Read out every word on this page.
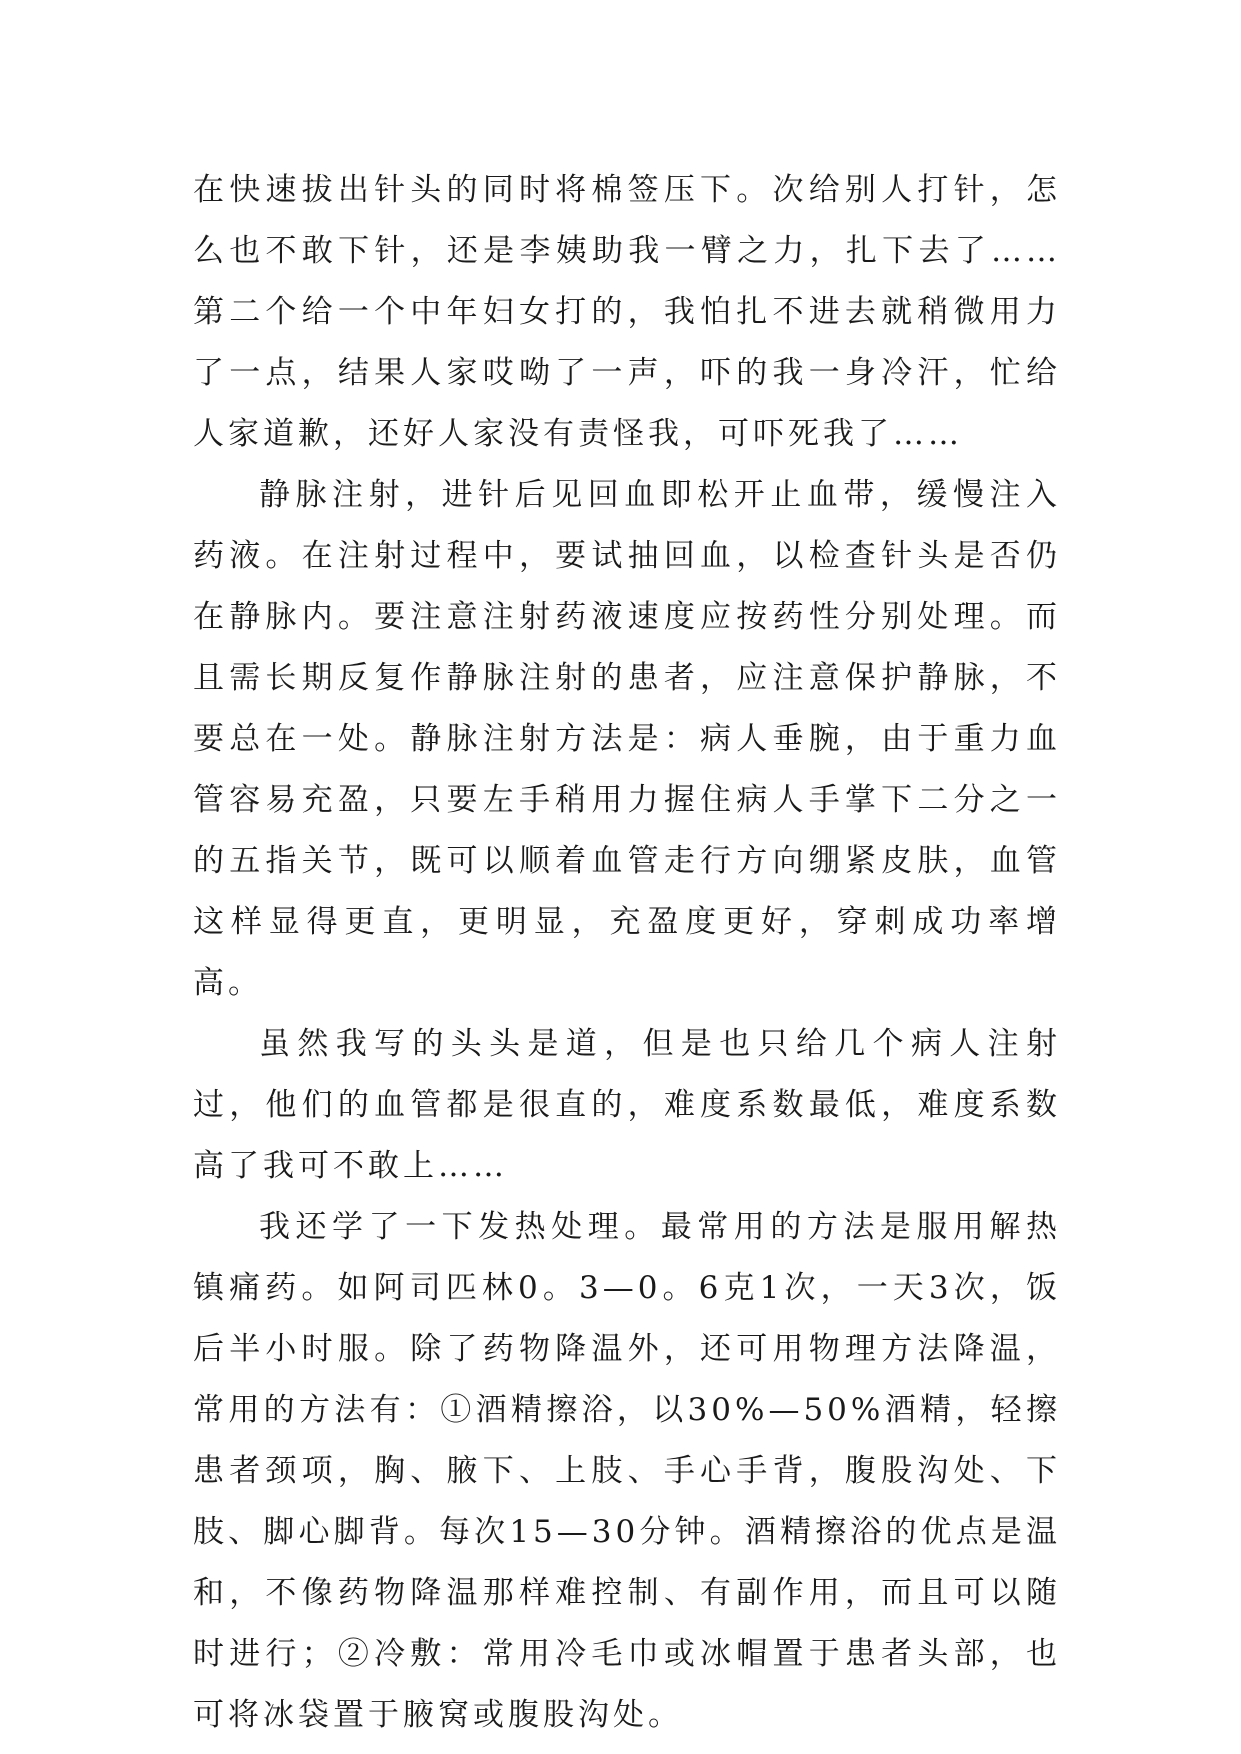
在快速拔出针头的同时将棉签压下。次给别人打针，怎么也不敢下针，还是李姨助我一臂之力，扎下去了……第二个给一个中年妇女打的，我怕扎不进去就稍微用力了一点，结果人家哎呦了一声，吓的我一身冷汗，忙给人家道歉，还好人家没有责怪我，可吓死我了……

静脉注射，进针后见回血即松开止血带，缓慢注入药液。在注射过程中，要试抽回血，以检查针头是否仍在静脉内。要注意注射药液速度应按药性分别处理。而且需长期反复作静脉注射的患者，应注意保护静脉，不要总在一处。静脉注射方法是：病人垂腕，由于重力血管容易充盈，只要左手稍用力握住病人手掌下二分之一的五指关节，既可以顺着血管走行方向绷紧皮肤，血管这样显得更直，更明显，充盈度更好，穿刺成功率增高。

虽然我写的头头是道，但是也只给几个病人注射过，他们的血管都是很直的，难度系数最低，难度系数高了我可不敢上……

我还学了一下发热处理。最常用的方法是服用解热镇痛药。如阿司匹林0。3—0。6克1次，一天3次，饭后半小时服。除了药物降温外，还可用物理方法降温，常用的方法有：①酒精擦浴，以30%—50%酒精，轻擦患者颈项，胸、腋下、上肢、手心手背，腹股沟处、下肢、脚心脚背。每次15—30分钟。酒精擦浴的优点是温和，不像药物降温那样难控制、有副作用，而且可以随时进行；②冷敷：常用冷毛巾或冰帽置于患者头部，也可将冰袋置于腋窝或腹股沟处。
